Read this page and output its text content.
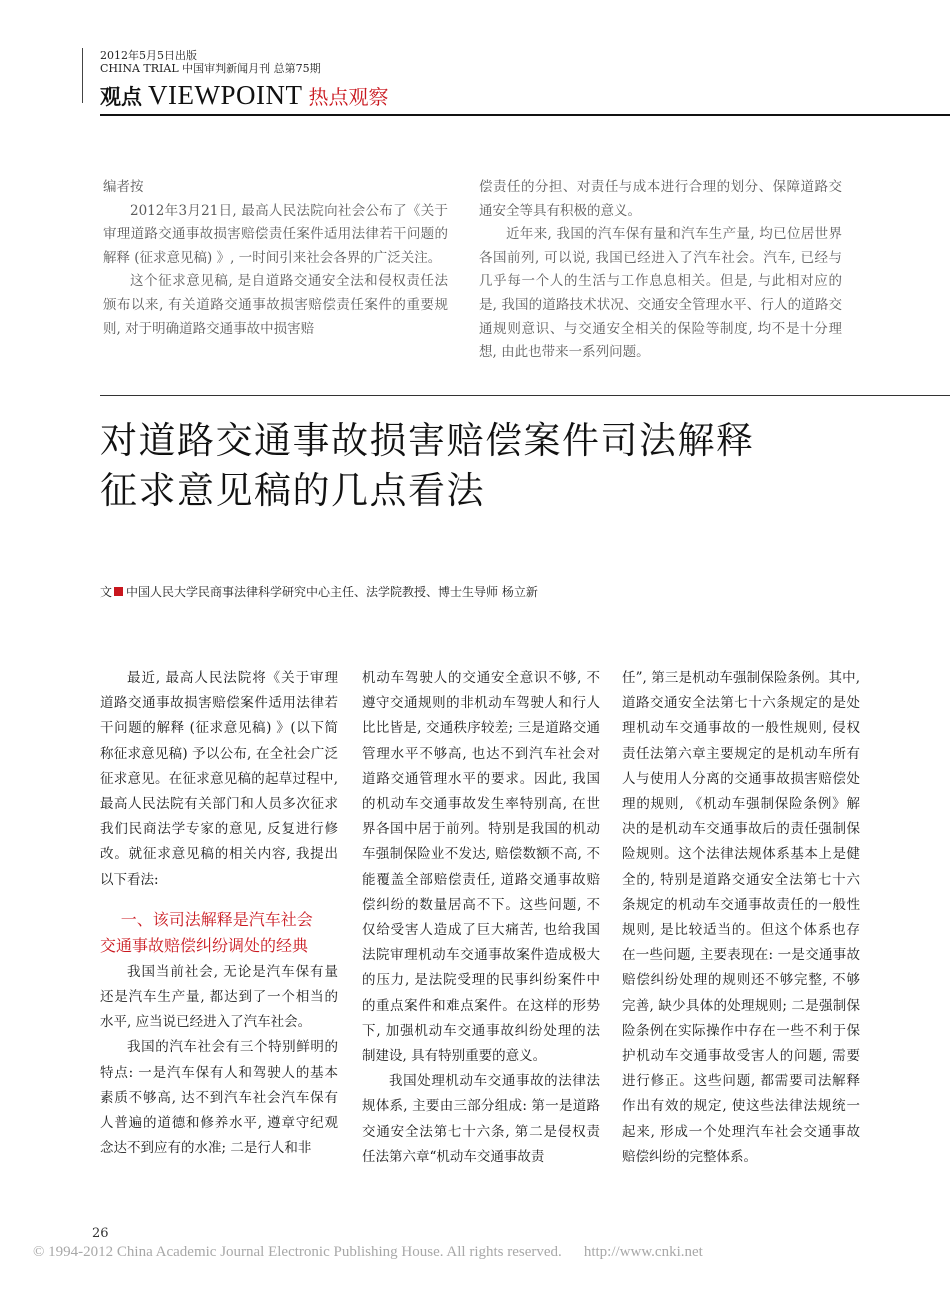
2012年5月5日出版
CHINA TRIAL 中国审判新闻月刊 总第75期
观点 VIEWPOINT 热点观察

编者按

2012年3月21日, 最高人民法院向社会公布了《关于审理道路交通事故损害赔偿责任案件适用法律若干问题的解释 (征求意见稿) 》, 一时间引来社会各界的广泛关注。

这个征求意见稿, 是自道路交通安全法和侵权责任法颁布以来, 有关道路交通事故损害赔偿责任案件的重要规则, 对于明确道路交通事故中损害赔

偿责任的分担、对责任与成本进行合理的划分、保障道路交通安全等具有积极的意义。

近年来, 我国的汽车保有量和汽车生产量, 均已位居世界各国前列, 可以说, 我国已经进入了汽车社会。汽车, 已经与几乎每一个人的生活与工作息息相关。但是, 与此相对应的是, 我国的道路技术状况、交通安全管理水平、行人的道路交通规则意识、与交通安全相关的保险等制度, 均不是十分理想, 由此也带来一系列问题。

对道路交通事故损害赔偿案件司法解释
征求意见稿的几点看法
文 中国人民大学民商事法律科学研究中心主任、法学院教授、博士生导师 杨立新

最近, 最高人民法院将《关于审理道路交通事故损害赔偿案件适用法律若干问题的解释 (征求意见稿) 》(以下简称征求意见稿) 予以公布, 在全社会广泛征求意见。在征求意见稿的起草过程中, 最高人民法院有关部门和人员多次征求我们民商法学专家的意见, 反复进行修改。就征求意见稿的相关内容, 我提出以下看法:

一、该司法解释是汽车社会
交通事故赔偿纠纷调处的经典

我国当前社会, 无论是汽车保有量还是汽车生产量, 都达到了一个相当的水平, 应当说已经进入了汽车社会。

我国的汽车社会有三个特别鲜明的特点: 一是汽车保有人和驾驶人的基本素质不够高, 达不到汽车社会汽车保有人普遍的道德和修养水平, 遵章守纪观念达不到应有的水准; 二是行人和非

机动车驾驶人的交通安全意识不够, 不遵守交通规则的非机动车驾驶人和行人比比皆是, 交通秩序较差; 三是道路交通管理水平不够高, 也达不到汽车社会对道路交通管理水平的要求。因此, 我国的机动车交通事故发生率特别高, 在世界各国中居于前列。特别是我国的机动车强制保险业不发达, 赔偿数额不高, 不能覆盖全部赔偿责任, 道路交通事故赔偿纠纷的数量居高不下。这些问题, 不仅给受害人造成了巨大痛苦, 也给我国法院审理机动车交通事故案件造成极大的压力, 是法院受理的民事纠纷案件中的重点案件和难点案件。在这样的形势下, 加强机动车交通事故纠纷处理的法制建设, 具有特别重要的意义。

我国处理机动车交通事故的法律法规体系, 主要由三部分组成: 第一是道路交通安全法第七十六条, 第二是侵权责任法第六章“机动车交通事故责

任”, 第三是机动车强制保险条例。其中, 道路交通安全法第七十六条规定的是处理机动车交通事故的一般性规则, 侵权责任法第六章主要规定的是机动车所有人与使用人分离的交通事故损害赔偿处理的规则, 《机动车强制保险条例》解决的是机动车交通事故后的责任强制保险规则。这个法律法规体系基本上是健全的, 特别是道路交通安全法第七十六条规定的机动车交通事故责任的一般性规则, 是比较适当的。但这个体系也存在一些问题, 主要表现在: 一是交通事故赔偿纠纷处理的规则还不够完整, 不够完善, 缺少具体的处理规则; 二是强制保险条例在实际操作中存在一些不利于保护机动车交通事故受害人的问题, 需要进行修正。这些问题, 都需要司法解释作出有效的规定, 使这些法律法规统一起来, 形成一个处理汽车社会交通事故赔偿纠纷的完整体系。

26
© 1994-2012 China Academic Journal Electronic Publishing House. All rights reserved. http://www.cnki.net
